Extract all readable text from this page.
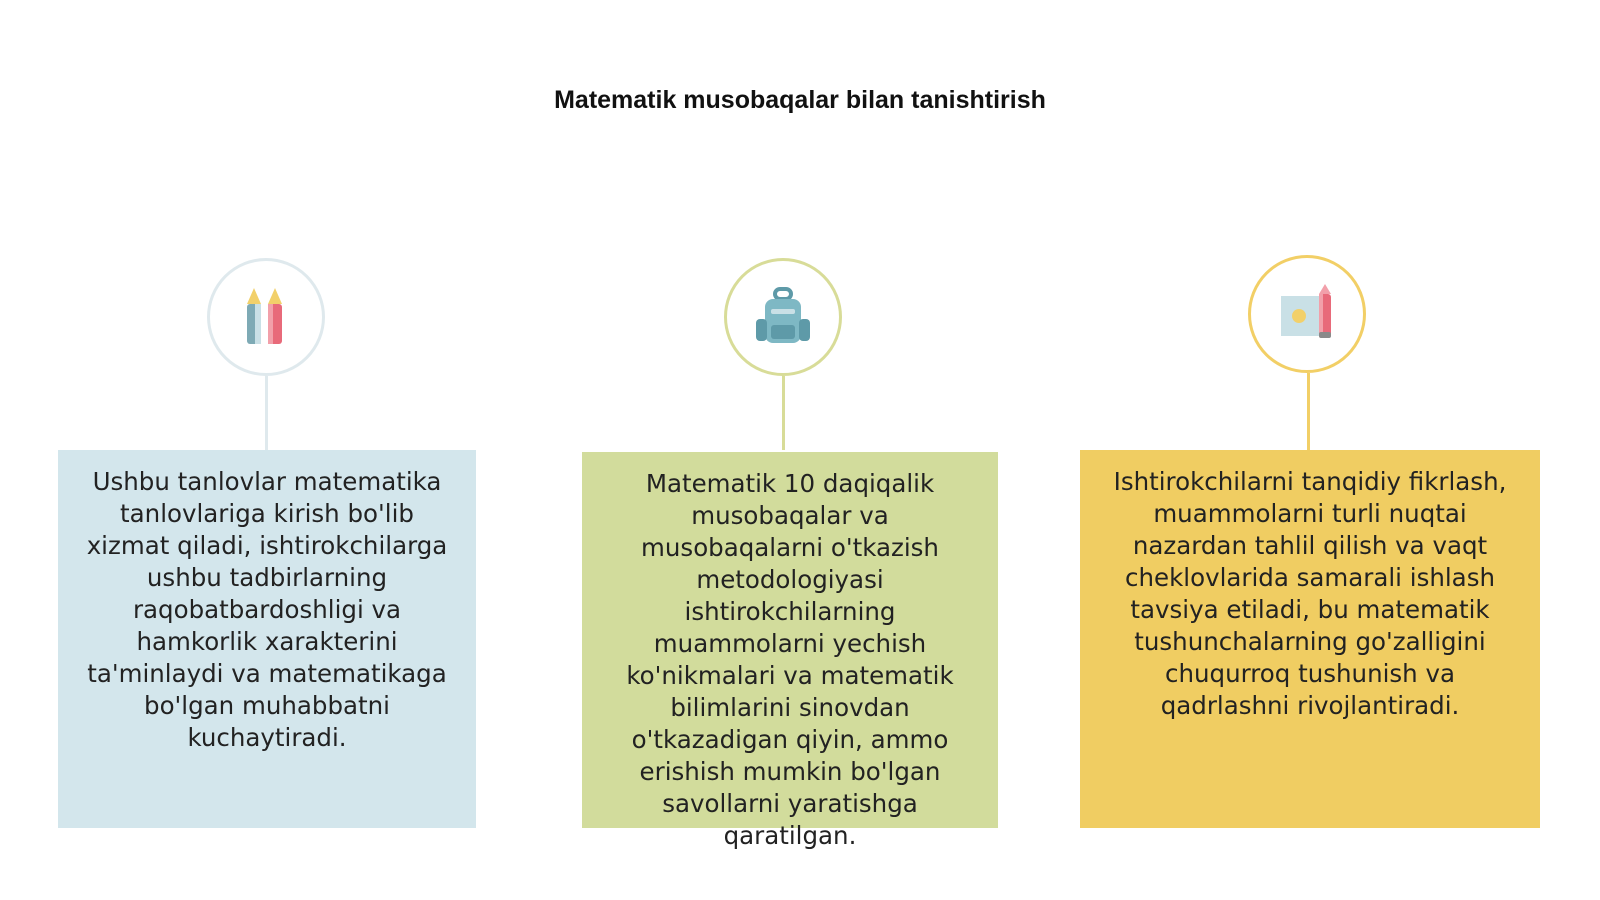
Matematik musobaqalar bilan tanishtirish
Ushbu tanlovlar matematika tanlovlariga kirish bo'lib xizmat qiladi, ishtirokchilarga ushbu tadbirlarning raqobatbardoshligi va hamkorlik xarakterini ta'minlaydi va matematikaga bo'lgan muhabbatni kuchaytiradi.
Matematik 10 daqiqalik musobaqalar va musobaqalarni o'tkazish metodologiyasi ishtirokchilarning muammolarni yechish ko'nikmalari va matematik bilimlarini sinovdan o'tkazadigan qiyin, ammo erishish mumkin bo'lgan savollarni yaratishga qaratilgan.
Ishtirokchilarni tanqidiy fikrlash, muammolarni turli nuqtai nazardan tahlil qilish va vaqt cheklovlarida samarali ishlash tavsiya etiladi, bu matematik tushunchalarning go'zalligini chuqurroq tushunish va qadrlashni rivojlantiradi.
